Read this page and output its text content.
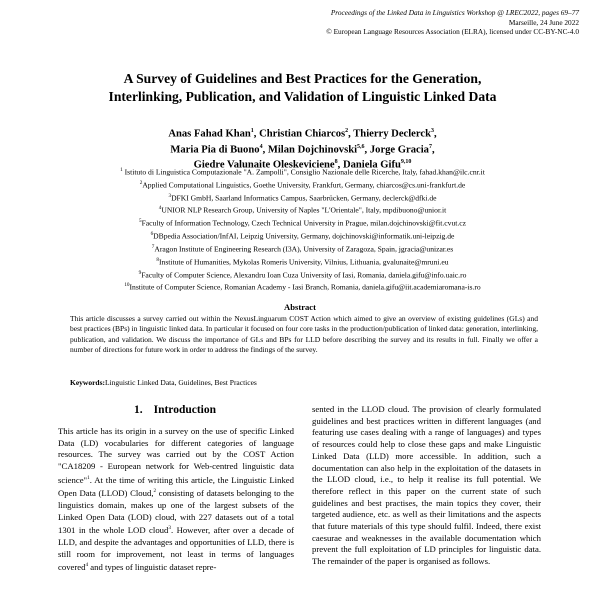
Proceedings of the Linked Data in Linguistics Workshop @ LREC2022, pages 69–77
Marseille, 24 June 2022
© European Language Resources Association (ELRA), licensed under CC-BY-NC-4.0
A Survey of Guidelines and Best Practices for the Generation,
Interlinking, Publication, and Validation of Linguistic Linked Data
Anas Fahad Khan$^1$, Christian Chiarcos$^2$, Thierry Declerck$^3$,
Maria Pia di Buono$^4$, Milan Dojchinovski$^{5,6}$, Jorge Gracia$^7$,
Giedre Valunaite Oleskeviciene$^8$, Daniela Gifu$^{9,10}$
$^1$ Istituto di Linguistica Computazionale "A. Zampolli", Consiglio Nazionale delle Ricerche, Italy, fahad.khan@ilc.cnr.it
$^2$Applied Computational Linguistics, Goethe University, Frankfurt, Germany, chiarcos@cs.uni-frankfurt.de
$^3$DFKI GmbH, Saarland Informatics Campus, Saarbrücken, Germany, declerck@dfki.de
$^4$UNIOR NLP Research Group, University of Naples "L'Orientale", Italy, mpdibuono@unior.it
$^5$Faculty of Information Technology, Czech Technical University in Prague, milan.dojchinovski@fit.cvut.cz
$^6$DBpedia Association/InfAI, Leipzig University, Germany, dojchinovski@informatik.uni-leipzig.de
$^7$Aragon Institute of Engineering Research (I3A), University of Zaragoza, Spain, jgracia@unizar.es
$^8$Institute of Humanities, Mykolas Romeris University, Vilnius, Lithuania, gvalunaite@mruni.eu
$^9$Faculty of Computer Science, Alexandru Ioan Cuza University of Iasi, Romania, daniela.gifu@info.uaic.ro
$^{10}$Institute of Computer Science, Romanian Academy - Iasi Branch, Romania, daniela.gifu@iit.academiaromana-is.ro
Abstract
This article discusses a survey carried out within the NexusLinguarum COST Action which aimed to give an overview of existing guidelines (GLs) and best practices (BPs) in linguistic linked data. In particular it focused on four core tasks in the production/publication of linked data: generation, interlinking, publication, and validation. We discuss the importance of GLs and BPs for LLD before describing the survey and its results in full. Finally we offer a number of directions for future work in order to address the findings of the survey.
Keywords:Linguistic Linked Data, Guidelines, Best Practices
1. Introduction
This article has its origin in a survey on the use of specific Linked Data (LD) vocabularies for different categories of language resources. The survey was carried out by the COST Action "CA18209 - European network for Web-centred linguistic data science"$^1$. At the time of writing this article, the Linguistic Linked Open Data (LLOD) Cloud,$^2$ consisting of datasets belonging to the linguistics domain, makes up one of the largest subsets of the Linked Open Data (LOD) cloud, with 227 datasets out of a total 1301 in the whole LOD cloud$^3$. However, after over a decade of LLD, and despite the advantages and opportunities of LLD, there is still room for improvement, not least in terms of languages covered$^4$ and types of linguistic dataset repre-
sented in the LLOD cloud. The provision of clearly formulated guidelines and best practices written in different languages (and featuring use cases dealing with a range of languages) and types of resources could help to close these gaps and make Linguistic Linked Data (LLD) more accessible. In addition, such a documentation can also help in the exploitation of the datasets in the LLOD cloud, i.e., to help it realise its full potential. We therefore reflect in this paper on the current state of such guidelines and best practises, the main topics they cover, their targeted audience, etc. as well as their limitations and the aspects that future materials of this type should fulfil. Indeed, there exist caesurae and weaknesses in the available documentation which prevent the full exploitation of LD principles for linguistic data. The remainder of the paper is organised as follows.
